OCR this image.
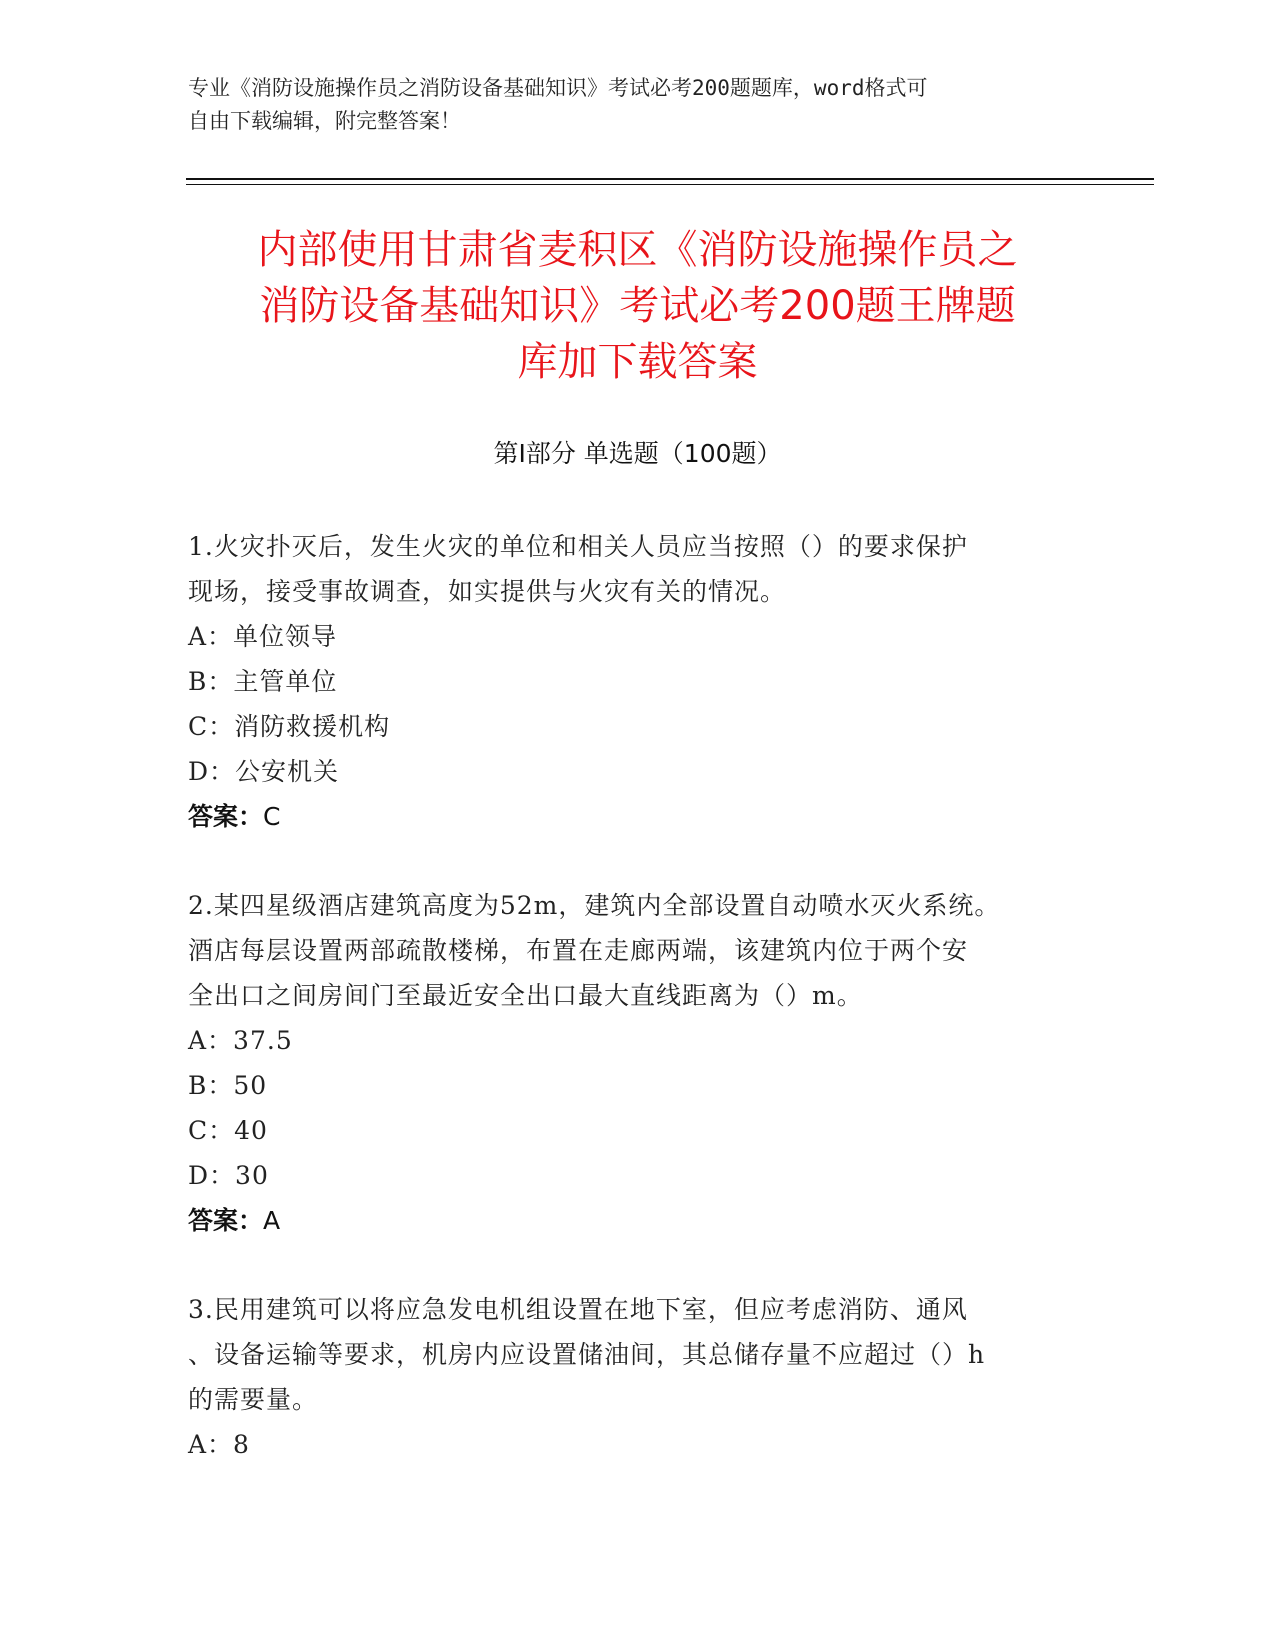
专业《消防设施操作员之消防设备基础知识》考试必考200题题库，word格式可
自由下载编辑，附完整答案！
内部使用甘肃省麦积区《消防设施操作员之
消防设备基础知识》考试必考200题王牌题
库加下载答案
第Ⅰ部分 单选题（100题）
1.火灾扑灭后，发生火灾的单位和相关人员应当按照（）的要求保护
现场，接受事故调查，如实提供与火灾有关的情况。
A：单位领导
B：主管单位
C：消防救援机构
D：公安机关
答案：C
2.某四星级酒店建筑高度为52m，建筑内全部设置自动喷水灭火系统。
酒店每层设置两部疏散楼梯，布置在走廊两端，该建筑内位于两个安
全出口之间房间门至最近安全出口最大直线距离为（）m。
A：37.5
B：50
C：40
D：30
答案：A
3.民用建筑可以将应急发电机组设置在地下室，但应考虑消防、通风
、设备运输等要求，机房内应设置储油间，其总储存量不应超过（）h
的需要量。
A：8
